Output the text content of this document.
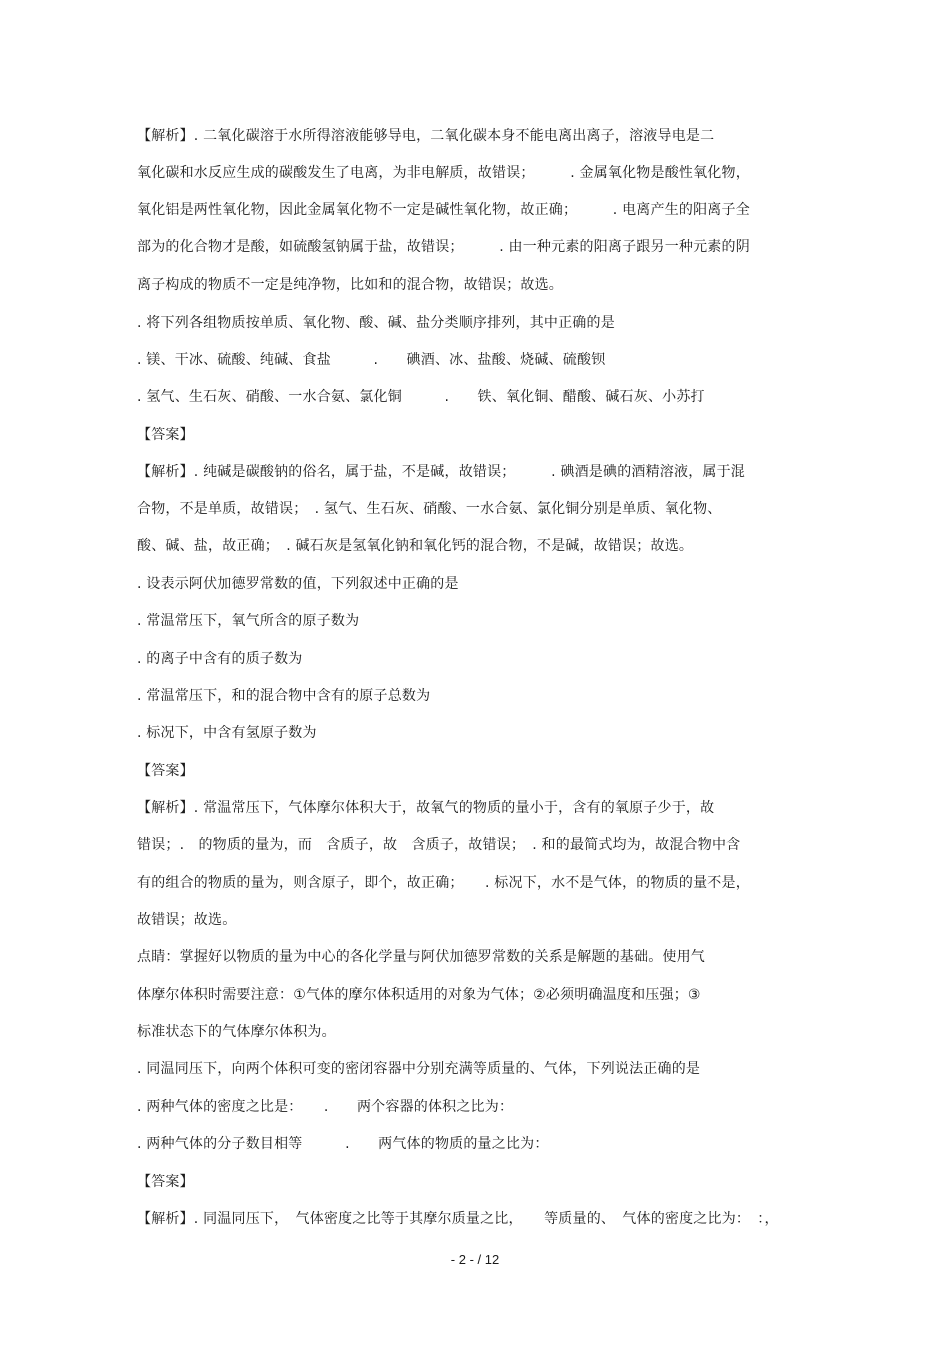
【解析】. 二氧化碳溶于水所得溶液能够导电，二氧化碳本身不能电离出离子，溶液导电是二
氧化碳和水反应生成的碳酸发生了电离，为非电解质，故错误；　　　. 金属氧化物是酸性氧化物，
氧化铝是两性氧化物，因此金属氧化物不一定是碱性氧化物，故正确；　　　. 电离产生的阳离子全
部为的化合物才是酸，如硫酸氢钠属于盐，故错误；　　　. 由一种元素的阳离子跟另一种元素的阴
离子构成的物质不一定是纯净物，比如和的混合物，故错误；故选。
. 将下列各组物质按单质、氧化物、酸、碱、盐分类顺序排列，其中正确的是
. 镁、干冰、硫酸、纯碱、食盐　　　.　　碘酒、冰、盐酸、烧碱、硫酸钡
. 氢气、生石灰、硝酸、一水合氨、氯化铜　　　.　　铁、氧化铜、醋酸、碱石灰、小苏打
【答案】
【解析】. 纯碱是碳酸钠的俗名，属于盐，不是碱，故错误；　　　. 碘酒是碘的酒精溶液，属于混
合物，不是单质，故错误；　. 氢气、生石灰、硝酸、一水合氨、氯化铜分别是单质、氧化物、
酸、碱、盐，故正确；　. 碱石灰是氢氧化钠和氧化钙的混合物，不是碱，故错误；故选。
. 设表示阿伏加德罗常数的值，下列叙述中正确的是
. 常温常压下，氧气所含的原子数为
. 的离子中含有的质子数为
. 常温常压下，和的混合物中含有的原子总数为
. 标况下，中含有氢原子数为
【答案】
【解析】. 常温常压下，气体摩尔体积大于，故氧气的物质的量小于，含有的氧原子少于，故
错误；.　的物质的量为，而　含质子，故　含质子，故错误；　. 和的最简式均为，故混合物中含
有的组合的物质的量为，则含原子，即个，故正确；　　. 标况下，水不是气体，的物质的量不是，
故错误；故选。
点睛：掌握好以物质的量为中心的各化学量与阿伏加德罗常数的关系是解题的基础。使用气
体摩尔体积时需要注意：①气体的摩尔体积适用的对象为气体；②必须明确温度和压强；③
标准状态下的气体摩尔体积为。
. 同温同压下，向两个体积可变的密闭容器中分别充满等质量的、气体，下列说法正确的是
. 两种气体的密度之比是：　　.　　两个容器的体积之比为：
. 两种气体的分子数目相等　　　.　　两气体的物质的量之比为：
【答案】
【解析】. 同温同压下，　气体密度之比等于其摩尔质量之比，　　等质量的、　气体的密度之比为：　：，
- 2 - / 12
